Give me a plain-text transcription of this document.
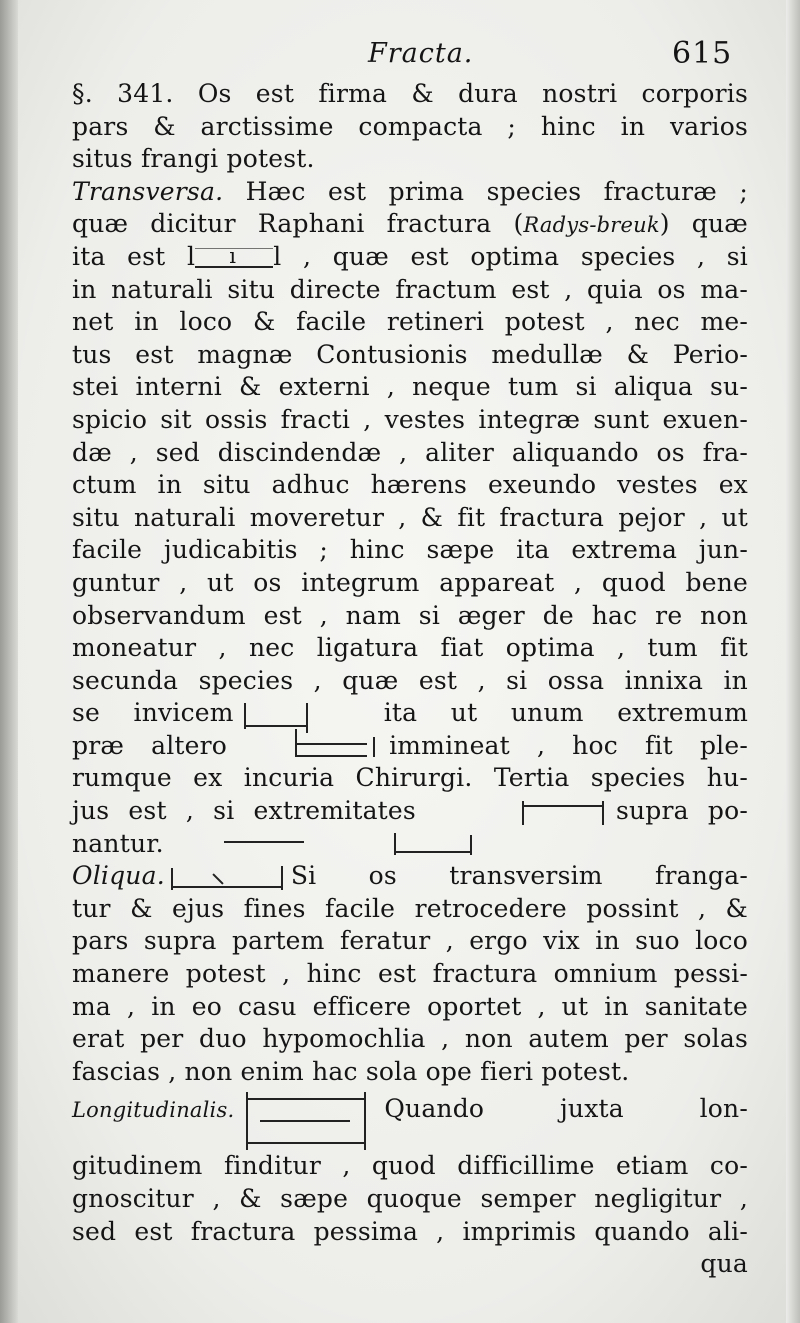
Fracta.	615
§. 341. Os est firma & dura nostri corporis
pars & arctissime compacta ; hinc in varios
situs frangi potest.
Transversa. Hæc est prima species fracturæ ;
quæ dicitur Raphani fractura (Radys-breuk) quæ
ita est l ı l , quæ est optima species , si
in naturali situ directe fractum est , quia os ma-
net in loco & facile retineri potest , nec me-
tus est magnæ Contusionis medullæ & Perio-
stei interni & externi , neque tum si aliqua su-
spicio sit ossis fracti , vestes integræ sunt exuen-
dæ , sed discindendæ , aliter aliquando os fra-
ctum in situ adhuc hærens exeundo vestes ex
situ naturali moveretur , & fit fractura pejor , ut
facile judicabitis ; hinc sæpe ita extrema jun-
guntur , ut os integrum appareat , quod bene
observandum est , nam si æger de hac re non
moneatur , nec ligatura fiat optima , tum fit
secunda species , quæ est , si ossa innixa in
se invicem	ita ut unum extremum
præ altero	immineat , hoc fit ple-
rumque ex incuria Chirurgi. Tertia species hu-
jus est , si extremitates	supra po-
nantur.
Oliqua.	Si os transversim franga-
tur & ejus fines facile retrocedere possint , &
pars supra partem feratur , ergo vix in suo loco
manere potest , hinc est fractura omnium pessi-
ma , in eo casu efficere oportet , ut in sanitate
erat per duo hypomochlia , non autem per solas
fascias , non enim hac sola ope fieri potest.
Longitudinalis.	Quando juxta lon-
gitudinem finditur , quod difficillime etiam co-
gnoscitur , & sæpe quoque semper negligitur ,
sed est fractura pessima , imprimis quando ali-
qua
